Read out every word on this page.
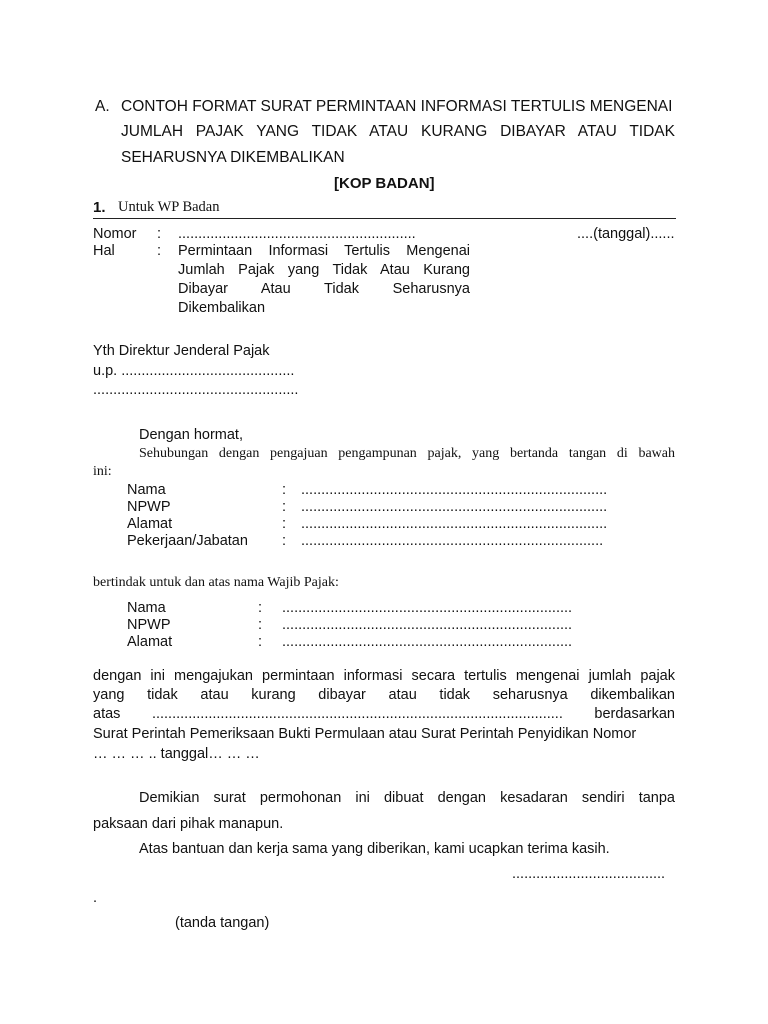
A. CONTOH FORMAT SURAT PERMINTAAN INFORMASI TERTULIS MENGENAI
JUMLAH PAJAK YANG TIDAK ATAU KURANG DIBAYAR ATAU TIDAK
SEHARUSNYA DIKEMBALIKAN
[KOP BADAN]
1. Untuk WP Badan
Nomor : ...........................................................	....(tanggal)......
Hal	: Permintaan Informasi Tertulis Mengenai
Jumlah Pajak yang Tidak Atau Kurang
Dibayar Atau Tidak Seharusnya
Dikembalikan
Yth Direktur Jenderal Pajak
u.p. ...........................................
...................................................
Dengan hormat,
Sehubungan dengan pengajuan pengampunan pajak, yang bertanda tangan di bawah
ini:
Nama	: ............................................................................
NPWP	: ............................................................................
Alamat	: ............................................................................
Pekerjaan/Jabatan : ...........................................................................
bertindak untuk dan atas nama Wajib Pajak:
Nama	: ........................................................................
NPWP	: ........................................................................
Alamat	: ........................................................................
dengan ini mengajukan permintaan informasi secara tertulis mengenai jumlah pajak
yang tidak atau kurang dibayar atau tidak seharusnya dikembalikan
atas ...................................................................................................... berdasarkan
Surat Perintah Pemeriksaan Bukti Permulaan atau Surat Perintah Penyidikan Nomor
… … … .. tanggal… … …
Demikian surat permohonan ini dibuat dengan kesadaran sendiri tanpa
paksaan dari pihak manapun.
Atas bantuan dan kerja sama yang diberikan, kami ucapkan terima kasih.
......................................
.
(tanda tangan)
